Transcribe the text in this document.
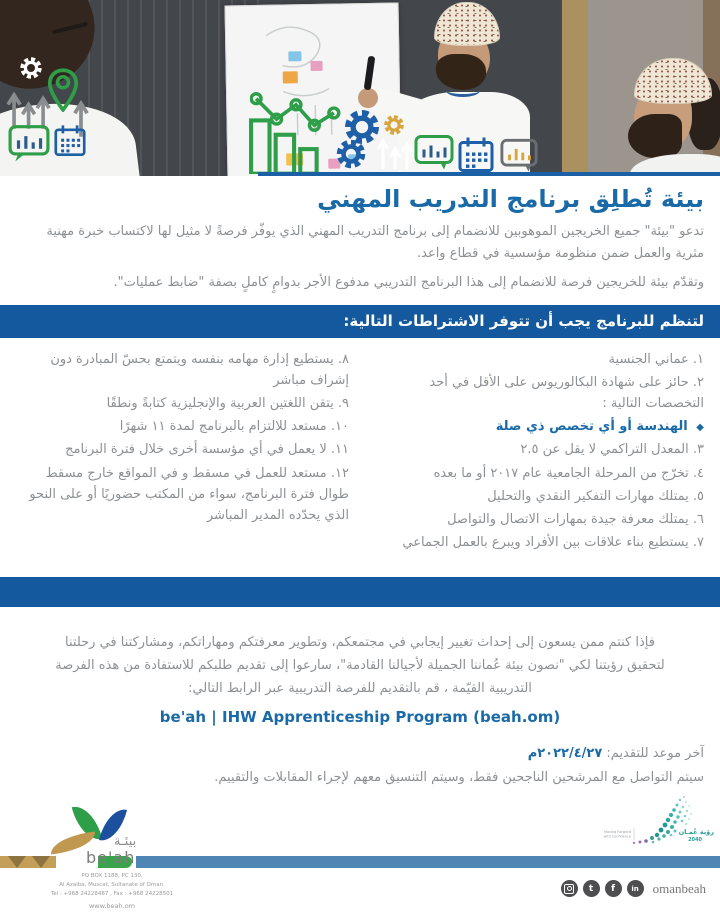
بيئة تُطلِق برنامج التدريب المهني

تدعو "بيئة" جميع الخريجين الموهوبين للانضمام إلى برنامج التدريب المهني الذي يوفّر فرصةً لا مثيل لها لاكتساب خبرة مهنية مثرية والعمل ضمن منظومة مؤسسية في قطاع واعد.

وتقدّم بيئة للخريجين فرصة للانضمام إلى هذا البرنامج التدريبي مدفوع الأجر بدوامٍ كاملٍ بصفة "ضابط عمليات".

لتنظم للبرنامج يجب أن تتوفر الاشتراطات التالية:
١. عماني الجنسية
٢. حائز على شهادة البكالوريوس على الأقل في أحد التخصصات التالية :
◆ الهندسة أو أي تخصص ذي صلة
٣. المعدل التراكمي لا يقل عن ٢.٥
٤. تخرّج من المرحلة الجامعية عام ٢٠١٧ أو ما بعده
٥. يمتلك مهارات التفكير النقدي والتحليل
٦. يمتلك معرفة جيدة بمهارات الاتصال والتواصل
٧. يستطيع بناء علاقات بين الأفراد ويبرع بالعمل الجماعي
٨. يستطيع إدارة مهامه بنفسه ويتمتع بحسّ المبادرة دون إشراف مباشر
٩. يتقن اللغتين العربية والإنجليزية كتابةً ونطقًا
١٠. مستعد للالتزام بالبرنامج لمدة ١١ شهرًا
١١. لا يعمل في أي مؤسسة أخرى خلال فترة البرنامج
١٢. مستعد للعمل في مسقط و في المواقع خارج مسقط طوال فترة البرنامج، سواء من المكتب حضوريًا أو على النحو الذي يحدّده المدير المباشر

فإذا كنتم ممن يسعون إلى إحداث تغيير إيجابي في مجتمعكم، وتطوير معرفتكم ومهاراتكم، ومشاركتنا في رحلتنا لتحقيق رؤيتنا لكي "نصون بيئة عُماننا الجميلة لأجيالنا القادمة"، سارعوا إلى تقديم طلبكم للاستفادة من هذه الفرصة التدريبية القيّمة ، قم بالتقديم للفرصة التدريبية عبر الرابط التالي:

be'ah | IHW Apprenticeship Program (beah.om)
آخر موعد للتقديم: ٢٠٢٢/٤/٢٧م

سيتم التواصل مع المرشحين الناجحين فقط، وسيتم التنسيق معهم لإجراء المقابلات والتقييم.

بيئـة
be'ah
PO BOX 1188, PC 130.
Al Azaiba, Muscat, Sultanate of Oman.
Tel : +968 24228487 , Fax : +968 24228501
www.beah.om
Moving Forward
with Confidence
رؤية عُمـان
2040
t f in omanbeah
